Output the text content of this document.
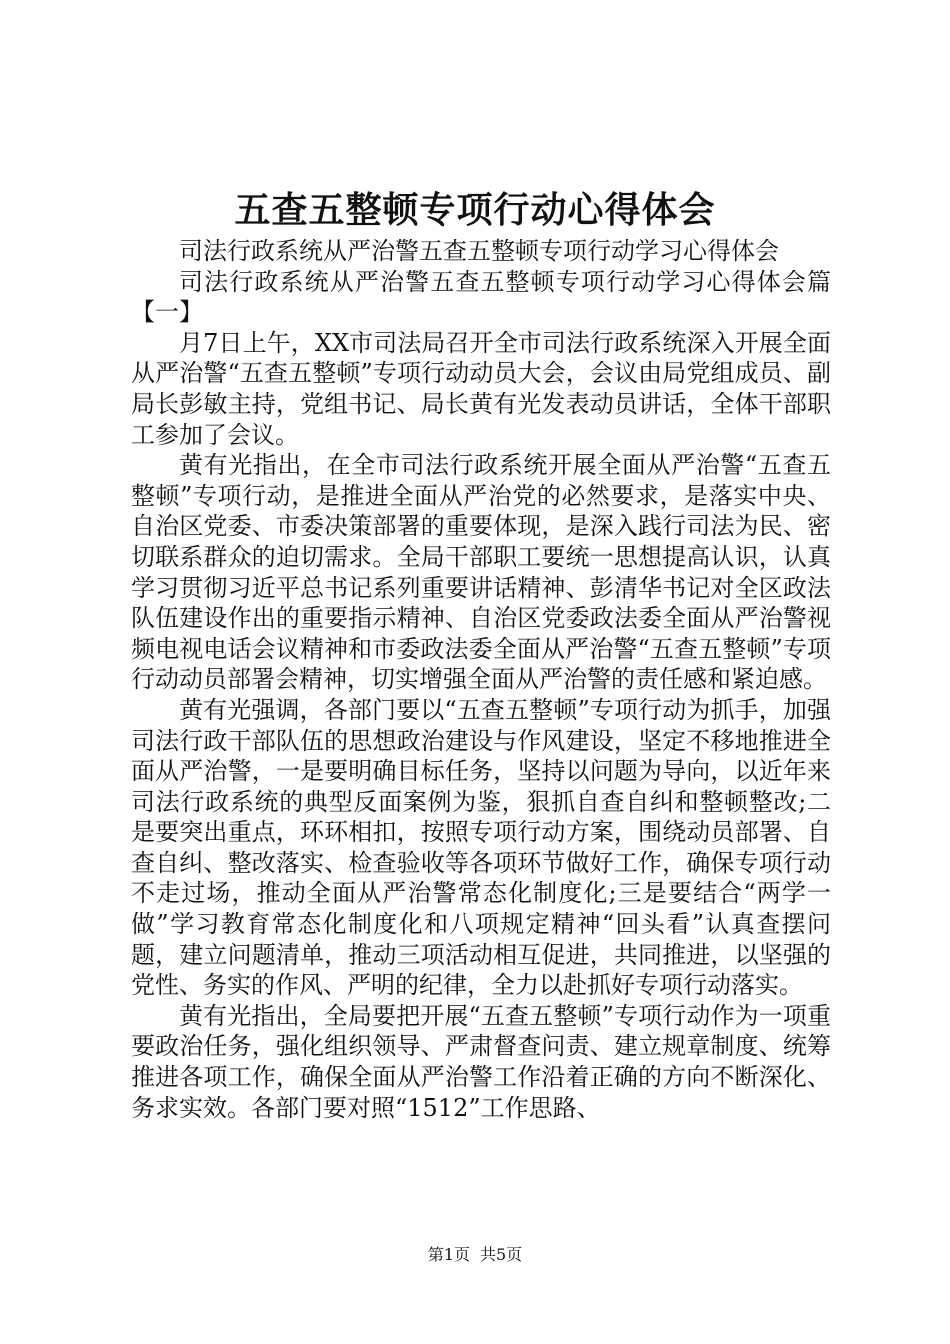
五查五整顿专项行动心得体会

司法行政系统从严治警五查五整顿专项行动学习心得体会

司法行政系统从严治警五查五整顿专项行动学习心得体会篇【一】

月7日上午，XX市司法局召开全市司法行政系统深入开展全面从严治警“五查五整顿”专项行动动员大会，会议由局党组成员、副局长彭敏主持，党组书记、局长黄有光发表动员讲话，全体干部职工参加了会议。

黄有光指出，在全市司法行政系统开展全面从严治警“五查五整顿”专项行动，是推进全面从严治党的必然要求，是落实中央、自治区党委、市委决策部署的重要体现，是深入践行司法为民、密切联系群众的迫切需求。全局干部职工要统一思想提高认识，认真学习贯彻习近平总书记系列重要讲话精神、彭清华书记对全区政法队伍建设作出的重要指示精神、自治区党委政法委全面从严治警视频电视电话会议精神和市委政法委全面从严治警“五查五整顿”专项行动动员部署会精神，切实增强全面从严治警的责任感和紧迫感。

黄有光强调，各部门要以“五查五整顿”专项行动为抓手，加强司法行政干部队伍的思想政治建设与作风建设，坚定不移地推进全面从严治警，一是要明确目标任务，坚持以问题为导向，以近年来司法行政系统的典型反面案例为鉴，狠抓自查自纠和整顿整改;二是要突出重点，环环相扣，按照专项行动方案，围绕动员部署、自查自纠、整改落实、检查验收等各项环节做好工作，确保专项行动不走过场，推动全面从严治警常态化制度化;三是要结合“两学一做”学习教育常态化制度化和八项规定精神“回头看”认真查摆问题，建立问题清单，推动三项活动相互促进，共同推进，以坚强的党性、务实的作风、严明的纪律，全力以赴抓好专项行动落实。

黄有光指出，全局要把开展“五查五整顿”专项行动作为一项重要政治任务，强化组织领导、严肃督查问责、建立规章制度、统筹推进各项工作，确保全面从严治警工作沿着正确的方向不断深化、务求实效。各部门要对照“1512”工作思路、

第1页 共5页
